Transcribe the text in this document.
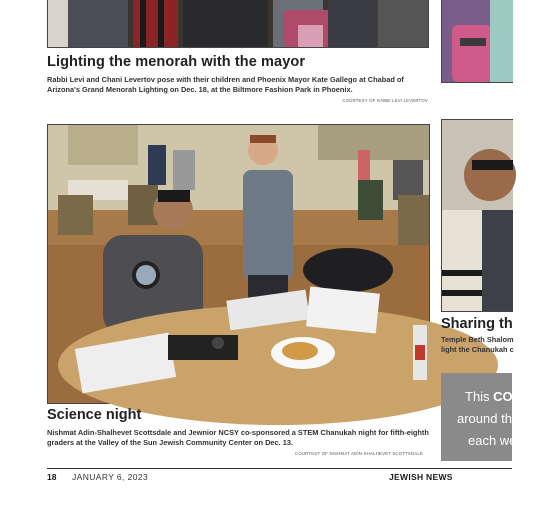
Lighting the menorah with the mayor
Rabbi Levi and Chani Levertov pose with their children and Phoenix Mayor Kate Gallego at Chabad of Arizona's Grand Menorah Lighting on Dec. 18, at the Biltmore Fashion Park in Phoenix.
COURTESY OF RABBI LEVI LEVERTOV
Sharing th
Temple Beth Shalom
light the Chanukah c
This COMMU
around th
each we
Science night
Nishmat Adin-Shalhevet Scottsdale and Jewnior NCSY co-sponsored a STEM Chanukah night for fifth-eighth graders at the Valley of the Sun Jewish Community Center on Dec. 13.
COURTESY OF NISHMAT ADIN-SHALHEVET SCOTTSDALE
18 JANUARY 6, 2023	JEWISH NEWS
